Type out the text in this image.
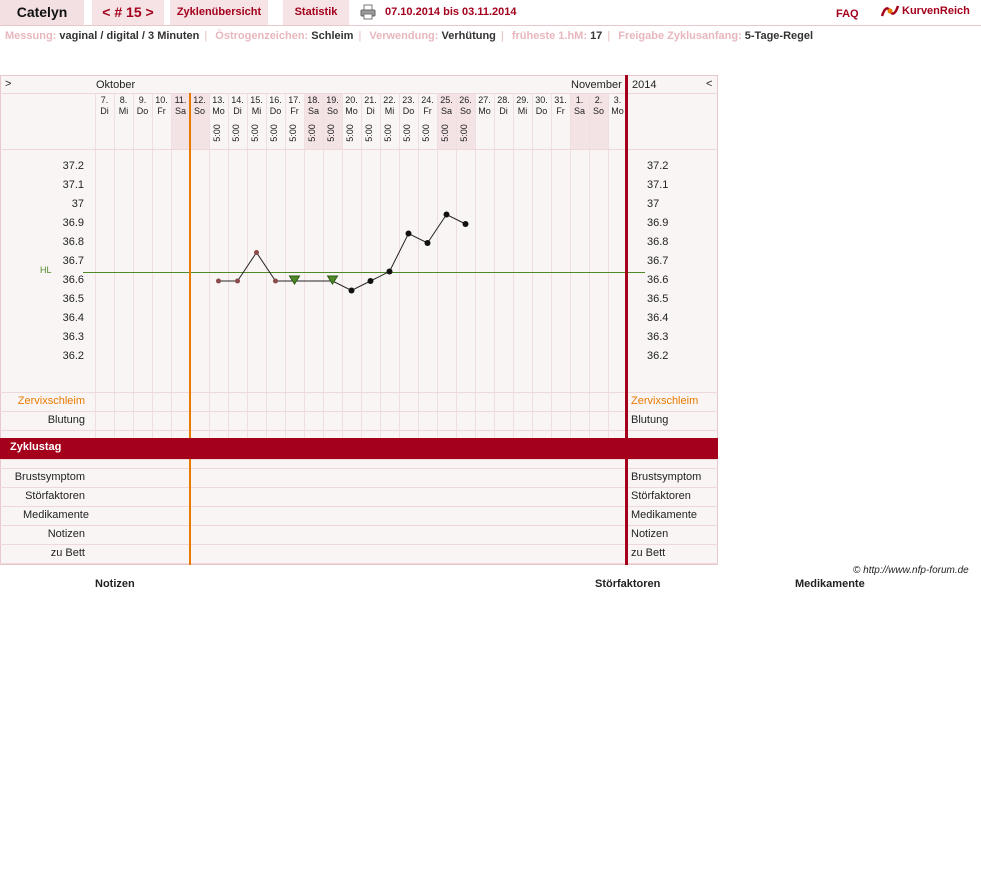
Catelyn	< # 15 >	Zyklenübersicht	Statistik	07.10.2014 bis 03.11.2014	FAQ	KurvenReich
Messung: vaginal / digital / 3 Minuten | Östrogenzeichen: Schleim | Verwendung: Verhütung | früheste 1.hM: 17 | Freigabe Zyklusanfang: 5-Tage-Regel
7.
Di
8.
Mi
9.
Do
10.
Fr
11.
Sa
12.
So
13.
Mo
5:00
14.
Di
5:00
15.
Mi
5:00
16.
Do
5:00
17.
Fr
5:00
18.
Sa
5:00
19.
So
5:00
20.
Mo
5:00
21.
Di
5:00
22.
Mi
5:00
23.
Do
5:00
24.
Fr
5:00
25.
Sa
5:00
26.
So
5:00
27.
Mo
28.
Di
29.
Mi
30.
Do
31.
Fr
1.
Sa
2.
So
3.
Mo
37.2	37.2
37.1	37.1
37	37
36.9	36.9
36.8	36.8
36.7	36.7
36.6	36.6
36.5	36.5
36.4	36.4
36.3	36.3
36.2	36.2
>	<
Oktober	November 2014
HL
Zervixschleim	Zervixschleim
Blutung	Blutung
Zyklustag
Brustsymptom	Brustsymptom
Störfaktoren	Störfaktoren
Medikamente	Medikamente
Notizen	Notizen
zu Bett	zu Bett
© http://www.nfp-forum.de
Notizen	Störfaktoren	Medikamente
